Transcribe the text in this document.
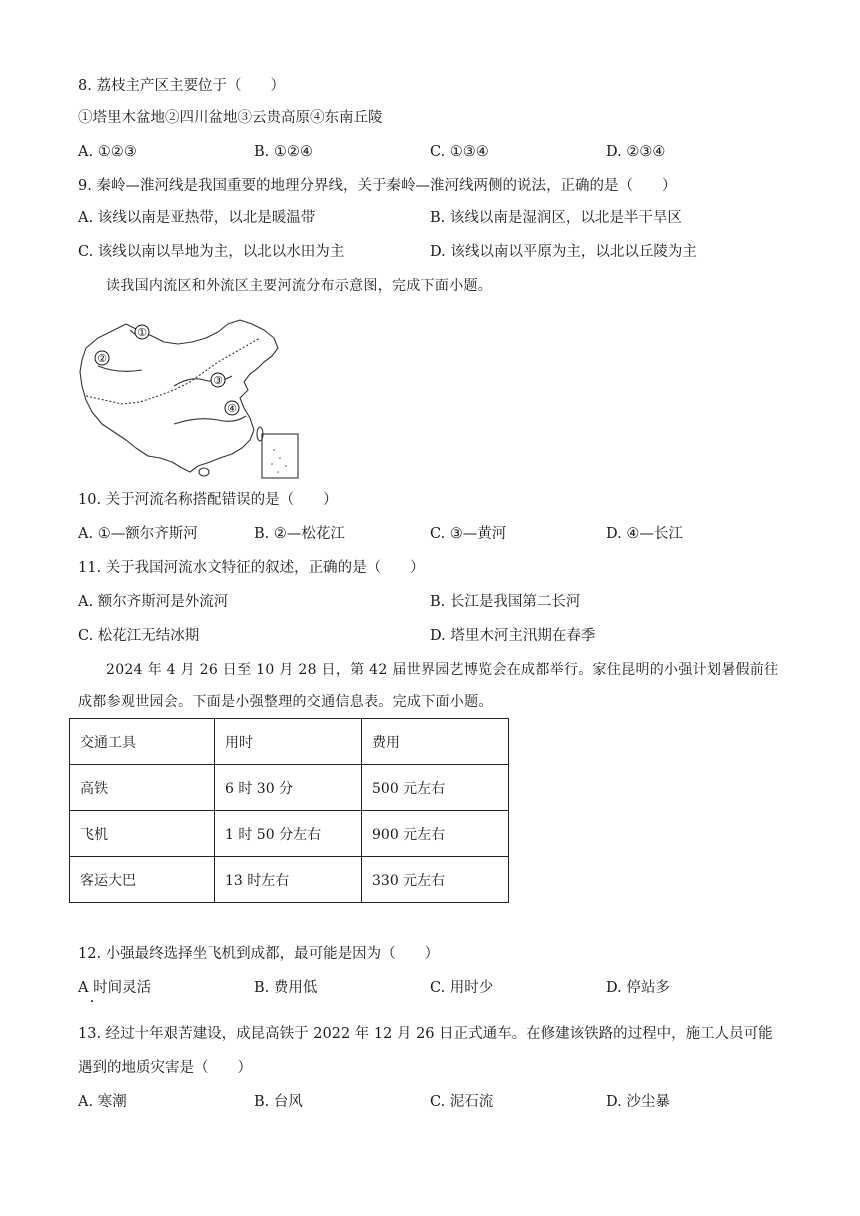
8. 荔枝主产区主要位于（　　）
①塔里木盆地②四川盆地③云贵高原④东南丘陵
A. ①②③	B. ①②④	C. ①③④	D. ②③④
9. 秦岭—淮河线是我国重要的地理分界线，关于秦岭—淮河线两侧的说法，正确的是（　　）
A. 该线以南是亚热带，以北是暖温带	B. 该线以南是湿润区，以北是半干旱区
C. 该线以南以旱地为主，以北以水田为主	D. 该线以南以平原为主，以北以丘陵为主
读我国内流区和外流区主要河流分布示意图，完成下面小题。
①
②
③
④
10. 关于河流名称搭配错误的是（　　）
A. ①—额尔齐斯河	B. ②—松花江	C. ③—黄河	D. ④—长江
11. 关于我国河流水文特征的叙述，正确的是（　　）
A. 额尔齐斯河是外流河	B. 长江是我国第二长河
C. 松花江无结冰期	D. 塔里木河主汛期在春季
2024 年 4 月 26 日至 10 月 28 日，第 42 届世界园艺博览会在成都举行。家住昆明的小强计划暑假前往
成都参观世园会。下面是小强整理的交通信息表。完成下面小题。
交通工具	用时	费用
高铁	6 时 30 分	500 元左右
飞机	1 时 50 分左右	900 元左右
客运大巴	13 时左右	330 元左右
12. 小强最终选择坐飞机到成都，最可能是因为（　　）
A 时间灵活	B. 费用低	C. 用时少	D. 停站多
13. 经过十年艰苦建设，成昆高铁于 2022 年 12 月 26 日正式通车。在修建该铁路的过程中，施工人员可能
遇到的地质灾害是（　　）
A. 寒潮	B. 台风	C. 泥石流	D. 沙尘暴
